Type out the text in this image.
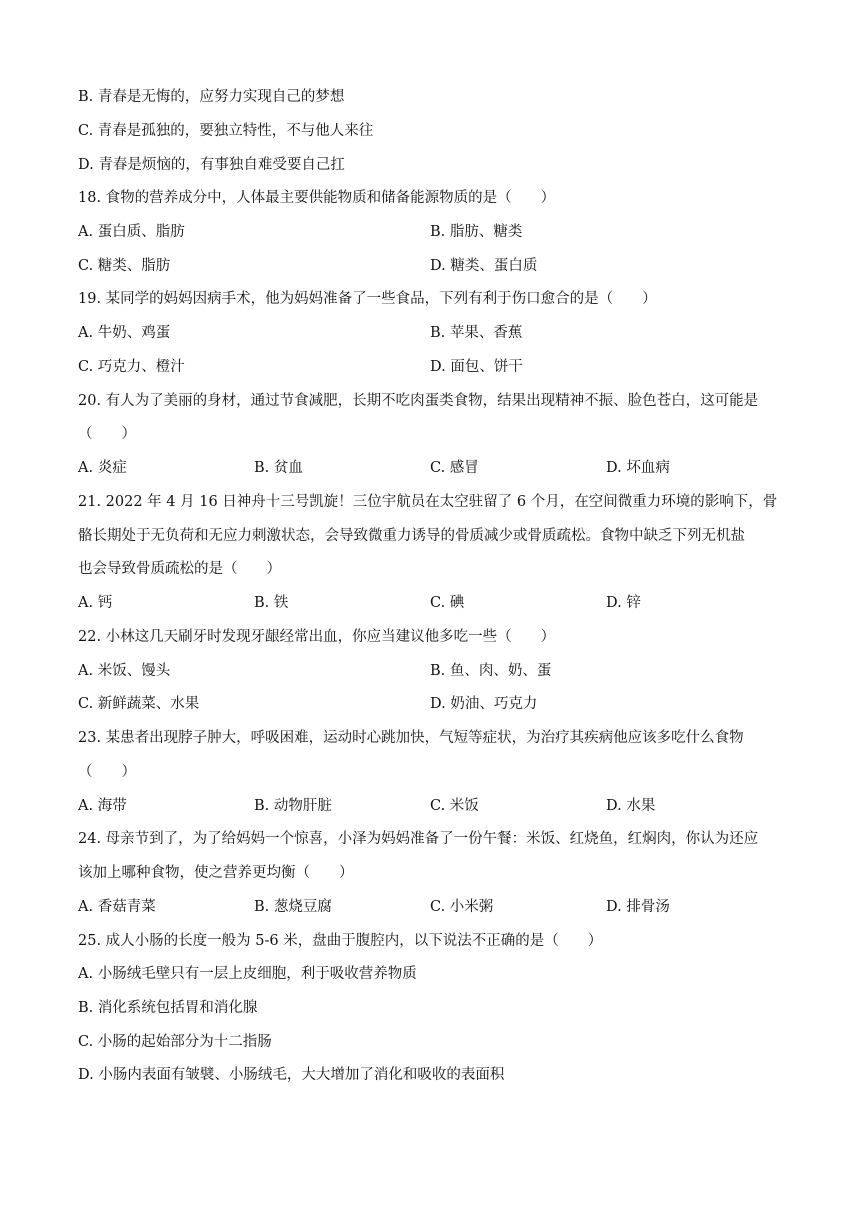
B. 青春是无悔的，应努力实现自己的梦想
C. 青春是孤独的，要独立特性，不与他人来往
D. 青春是烦恼的，有事独自难受要自己扛
18. 食物的营养成分中，人体最主要供能物质和储备能源物质的是（　　）
A. 蛋白质、脂肪	B. 脂肪、糖类
C. 糖类、脂肪	D. 糖类、蛋白质
19. 某同学的妈妈因病手术，他为妈妈准备了一些食品，下列有利于伤口愈合的是（　　）
A. 牛奶、鸡蛋	B. 苹果、香蕉
C. 巧克力、橙汁	D. 面包、饼干
20. 有人为了美丽的身材，通过节食减肥，长期不吃肉蛋类食物，结果出现精神不振、脸色苍白，这可能是
（　　）
A. 炎症	B. 贫血	C. 感冒	D. 坏血病
21. 2022 年 4 月 16 日神舟十三号凯旋！三位宇航员在太空驻留了 6 个月，在空间微重力环境的影响下，骨
骼长期处于无负荷和无应力刺激状态，会导致微重力诱导的骨质减少或骨质疏松。食物中缺乏下列无机盐
也会导致骨质疏松的是（　　）
A. 钙	B. 铁	C. 碘	D. 锌
22. 小林这几天刷牙时发现牙龈经常出血，你应当建议他多吃一些（　　）
A. 米饭、馒头	B. 鱼、肉、奶、蛋
C. 新鲜蔬菜、水果	D. 奶油、巧克力
23. 某患者出现脖子肿大，呼吸困难，运动时心跳加快，气短等症状，为治疗其疾病他应该多吃什么食物
（　　）
A. 海带	B. 动物肝脏	C. 米饭	D. 水果
24. 母亲节到了，为了给妈妈一个惊喜，小泽为妈妈准备了一份午餐：米饭、红烧鱼，红焖肉，你认为还应
该加上哪种食物，使之营养更均衡（　　）
A. 香菇青菜	B. 葱烧豆腐	C. 小米粥	D. 排骨汤
25. 成人小肠的长度一般为 5-6 米，盘曲于腹腔内，以下说法不正确的是（　　）
A. 小肠绒毛壁只有一层上皮细胞，利于吸收营养物质
B. 消化系统包括胃和消化腺
C. 小肠的起始部分为十二指肠
D. 小肠内表面有皱襞、小肠绒毛，大大增加了消化和吸收的表面积
